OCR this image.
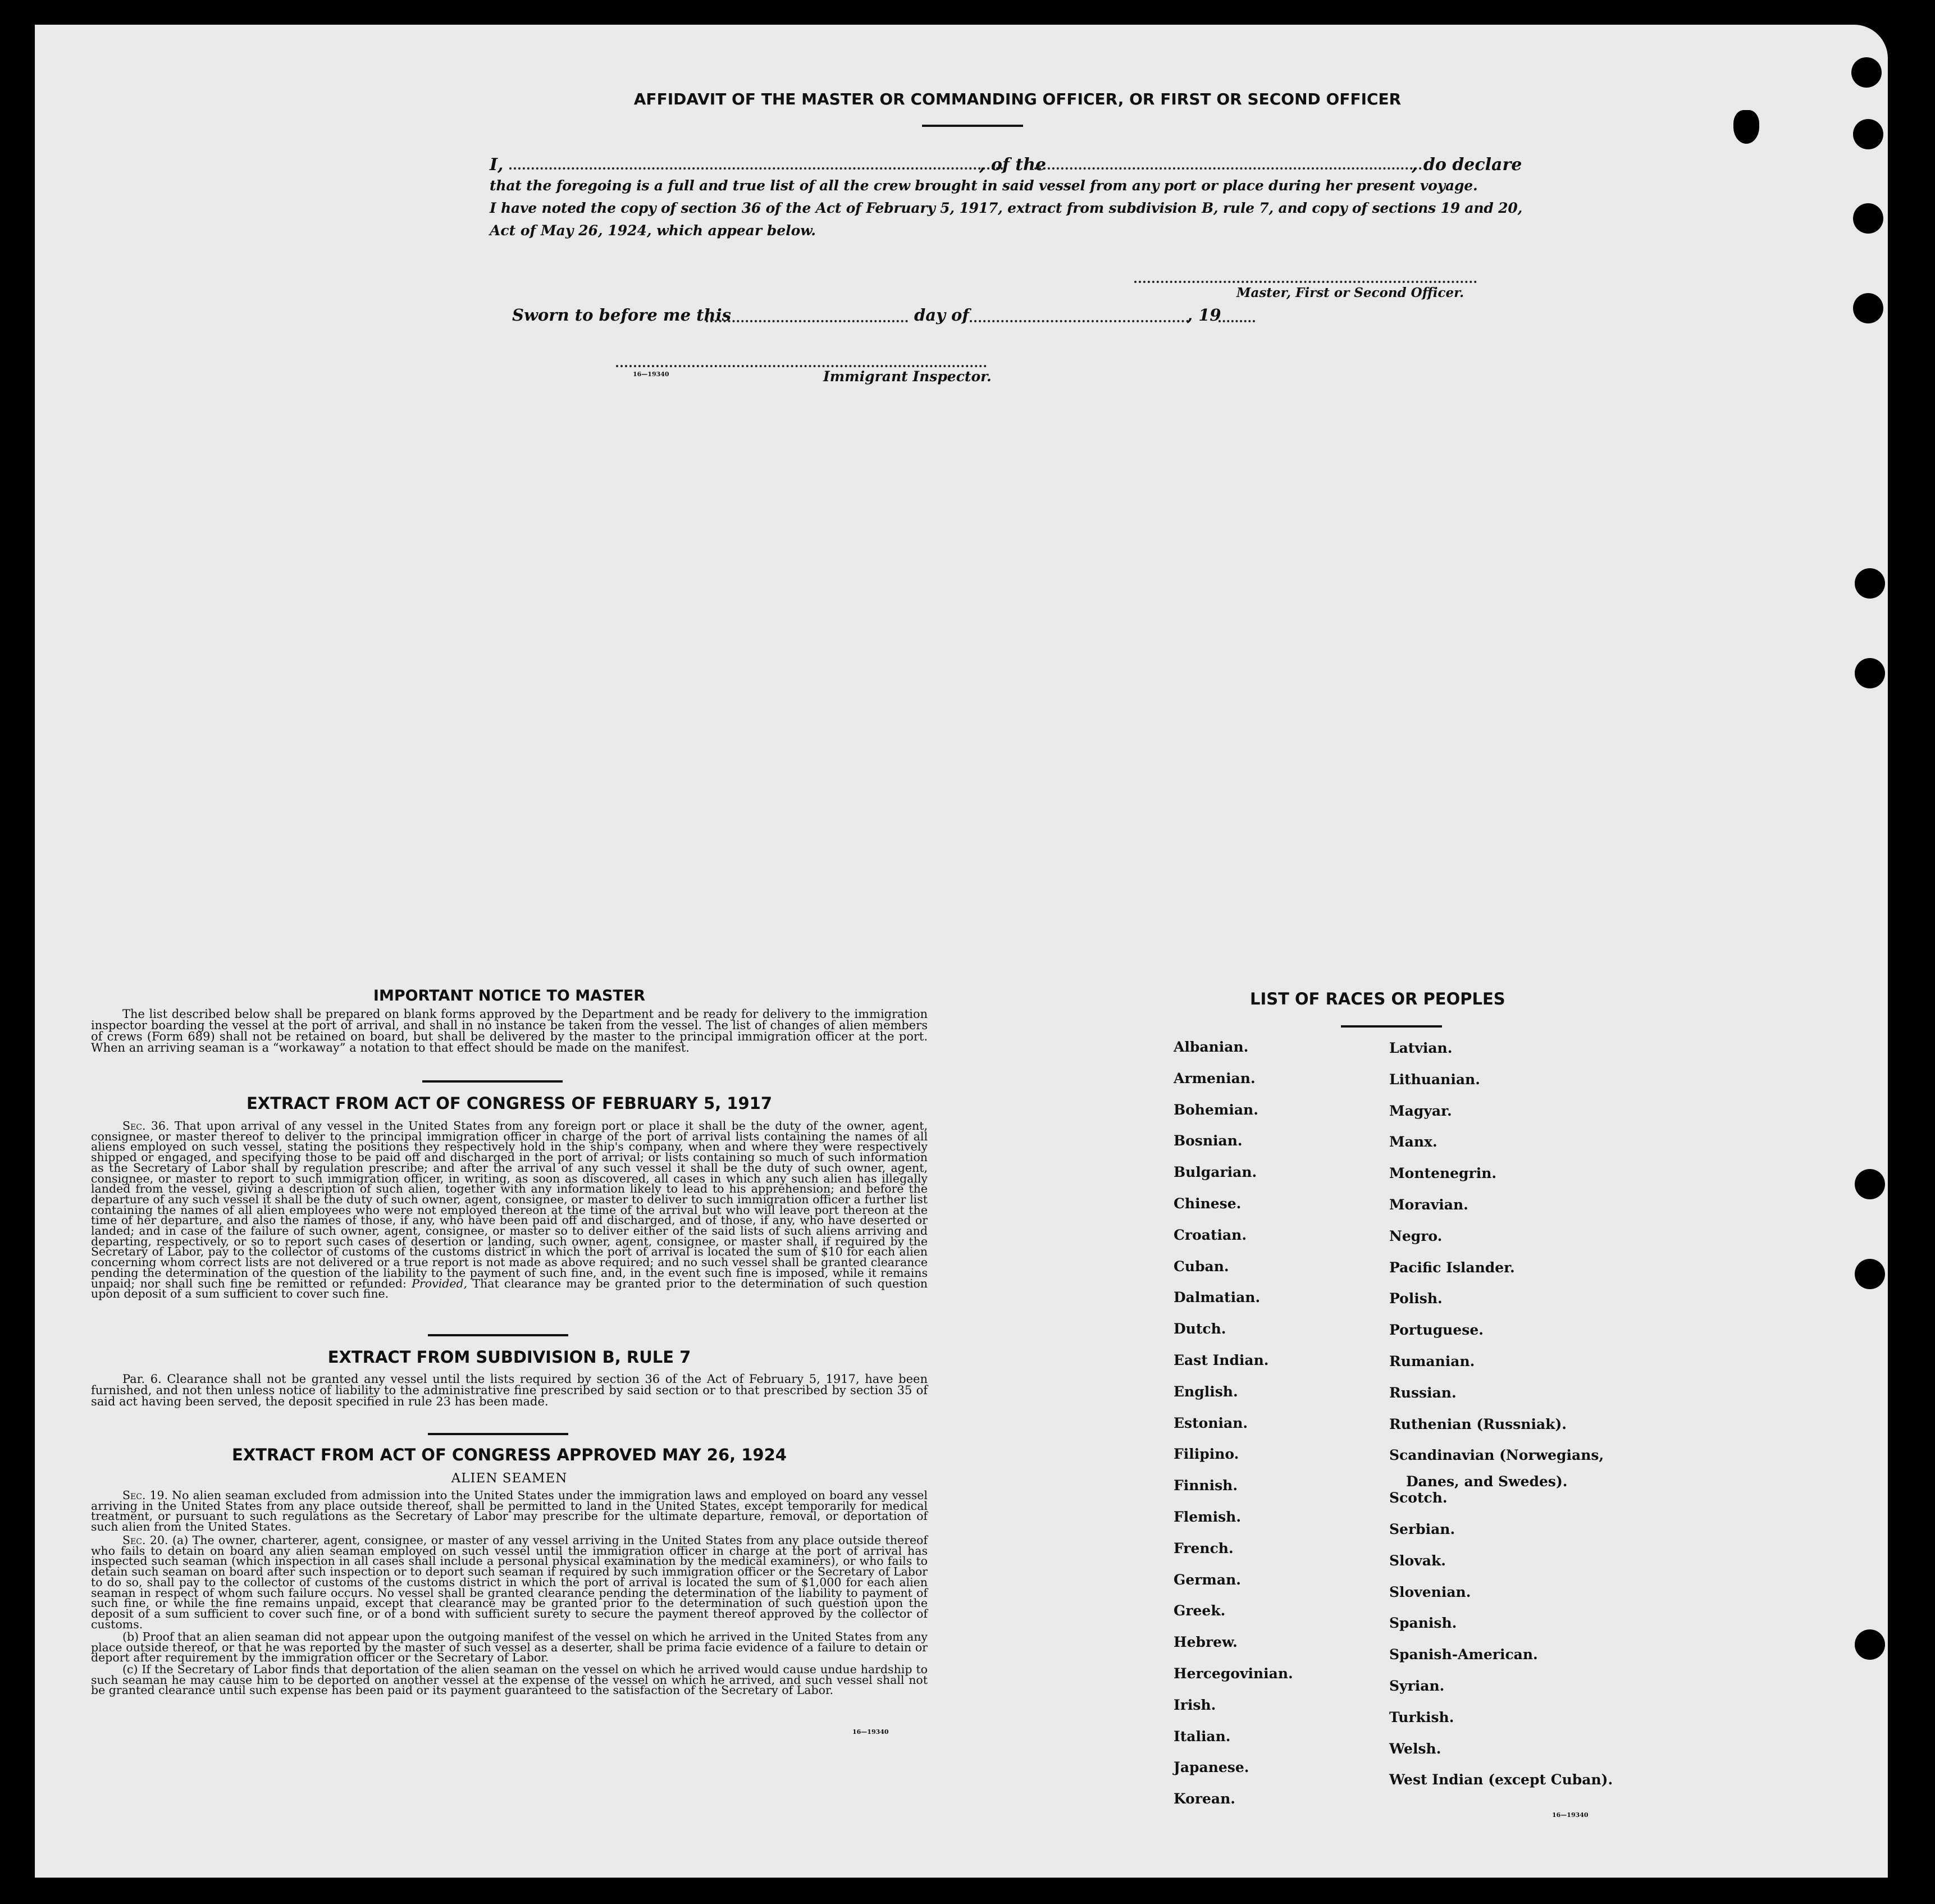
AFFIDAVIT OF THE MASTER OR COMMANDING OFFICER, OR FIRST OR SECOND OFFICER
I,	, of the	, do declare
that the foregoing is a full and true list of all the crew brought in said vessel from any port or place during her present voyage.
I have noted the copy of section 36 of the Act of February 5, 1917, extract from subdivision B, rule 7, and copy of sections 19 and 20,
Act of May 26, 1924, which appear below.
Master, First or Second Officer.
Sworn to before me this	day of	, 19
16—19340	Immigrant Inspector.
IMPORTANT NOTICE TO MASTER
The list described below shall be prepared on blank forms approved by the Department and be ready for delivery to the immigration inspector boarding the vessel at the port of arrival, and shall in no instance be taken from the vessel. The list of changes of alien members of crews (Form 689) shall not be retained on board, but shall be delivered by the master to the principal immigration officer at the port. When an arriving seaman is a “workaway” a notation to that effect should be made on the manifest.
EXTRACT FROM ACT OF CONGRESS OF FEBRUARY 5, 1917
Sec. 36. That upon arrival of any vessel in the United States from any foreign port or place it shall be the duty of the owner, agent, consignee, or master thereof to deliver to the principal immigration officer in charge of the port of arrival lists containing the names of all aliens employed on such vessel, stating the positions they respectively hold in the ship's company, when and where they were respectively shipped or engaged, and specifying those to be paid off and discharged in the port of arrival; or lists containing so much of such information as the Secretary of Labor shall by regulation prescribe; and after the arrival of any such vessel it shall be the duty of such owner, agent, consignee, or master to report to such immigration officer, in writing, as soon as discovered, all cases in which any such alien has illegally landed from the vessel, giving a description of such alien, together with any information likely to lead to his apprehension; and before the departure of any such vessel it shall be the duty of such owner, agent, consignee, or master to deliver to such immigration officer a further list containing the names of all alien employees who were not employed thereon at the time of the arrival but who will leave port thereon at the time of her departure, and also the names of those, if any, who have been paid off and discharged, and of those, if any, who have deserted or landed; and in case of the failure of such owner, agent, consignee, or master so to deliver either of the said lists of such aliens arriving and departing, respectively, or so to report such cases of desertion or landing, such owner, agent, consignee, or master shall, if required by the Secretary of Labor, pay to the collector of customs of the customs district in which the port of arrival is located the sum of $10 for each alien concerning whom correct lists are not delivered or a true report is not made as above required; and no such vessel shall be granted clearance pending the determination of the question of the liability to the payment of such fine, and, in the event such fine is imposed, while it remains unpaid; nor shall such fine be remitted or refunded: Provided, That clearance may be granted prior to the determination of such question upon deposit of a sum sufficient to cover such fine.
EXTRACT FROM SUBDIVISION B, RULE 7
Par. 6. Clearance shall not be granted any vessel until the lists required by section 36 of the Act of February 5, 1917, have been furnished, and not then unless notice of liability to the administrative fine prescribed by said section or to that prescribed by section 35 of said act having been served, the deposit specified in rule 23 has been made.
EXTRACT FROM ACT OF CONGRESS APPROVED MAY 26, 1924
ALIEN SEAMEN
Sec. 19. No alien seaman excluded from admission into the United States under the immigration laws and employed on board any vessel arriving in the United States from any place outside thereof, shall be permitted to land in the United States, except temporarily for medical treatment, or pursuant to such regulations as the Secretary of Labor may prescribe for the ultimate departure, removal, or deportation of such alien from the United States.
Sec. 20. (a) The owner, charterer, agent, consignee, or master of any vessel arriving in the United States from any place outside thereof who fails to detain on board any alien seaman employed on such vessel until the immigration officer in charge at the port of arrival has inspected such seaman (which inspection in all cases shall include a personal physical examination by the medical examiners), or who fails to detain such seaman on board after such inspection or to deport such seaman if required by such immigration officer or the Secretary of Labor to do so, shall pay to the collector of customs of the customs district in which the port of arrival is located the sum of $1,000 for each alien seaman in respect of whom such failure occurs. No vessel shall be granted clearance pending the determination of the liability to payment of such fine, or while the fine remains unpaid, except that clearance may be granted prior to the determination of such question upon the deposit of a sum sufficient to cover such fine, or of a bond with sufficient surety to secure the payment thereof approved by the collector of customs.
(b) Proof that an alien seaman did not appear upon the outgoing manifest of the vessel on which he arrived in the United States from any place outside thereof, or that he was reported by the master of such vessel as a deserter, shall be prima facie evidence of a failure to detain or deport after requirement by the immigration officer or the Secretary of Labor.
(c) If the Secretary of Labor finds that deportation of the alien seaman on the vessel on which he arrived would cause undue hardship to such seaman he may cause him to be deported on another vessel at the expense of the vessel on which he arrived, and such vessel shall not be granted clearance until such expense has been paid or its payment guaranteed to the satisfaction of the Secretary of Labor.
16—19340
LIST OF RACES OR PEOPLES
Albanian.
Armenian.
Bohemian.
Bosnian.
Bulgarian.
Chinese.
Croatian.
Cuban.
Dalmatian.
Dutch.
East Indian.
English.
Estonian.
Filipino.
Finnish.
Flemish.
French.
German.
Greek.
Hebrew.
Hercegovinian.
Irish.
Italian.
Japanese.
Korean.
Latvian.
Lithuanian.
Magyar.
Manx.
Montenegrin.
Moravian.
Negro.
Pacific Islander.
Polish.
Portuguese.
Rumanian.
Russian.
Ruthenian (Russniak).
Scandinavian (Norwegians,
Scotch.
Serbian.
Slovak.
Slovenian.
Spanish.
Spanish-American.
Syrian.
Turkish.
Welsh.
West Indian (except Cuban).
Danes, and Swedes).
16—19340
